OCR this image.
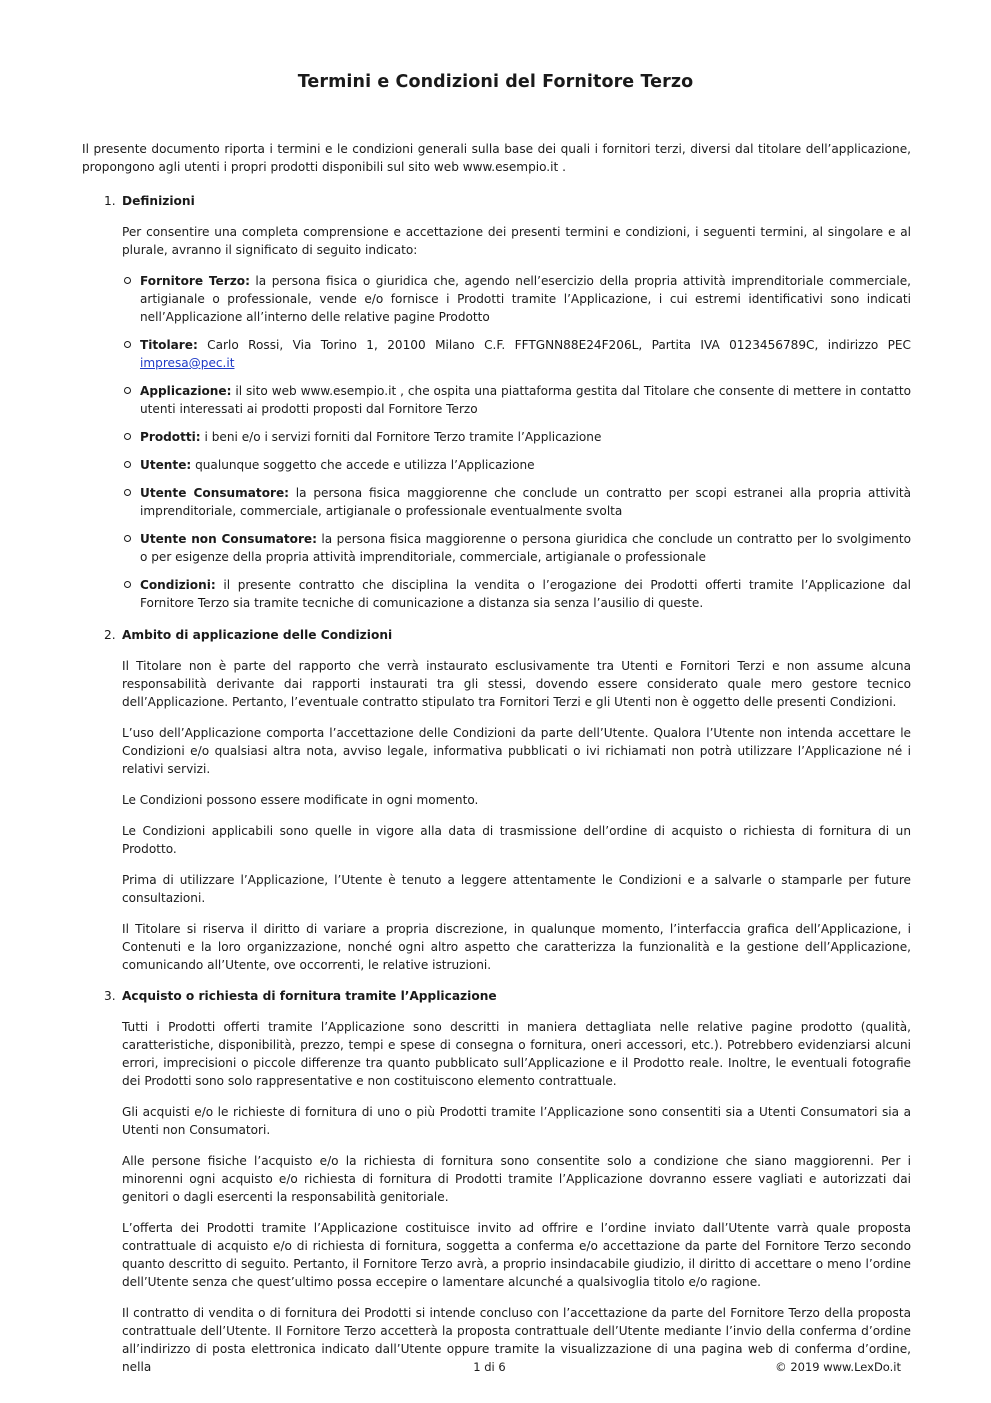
Termini e Condizioni del Fornitore Terzo

Il presente documento riporta i termini e le condizioni generali sulla base dei quali i fornitori terzi, diversi dal titolare dell’applicazione, propongono agli utenti i propri prodotti disponibili sul sito web www.esempio.it .

1. Definizioni

Per consentire una completa comprensione e accettazione dei presenti termini e condizioni, i seguenti termini, al singolare e al plurale, avranno il significato di seguito indicato:

Fornitore Terzo: la persona fisica o giuridica che, agendo nell’esercizio della propria attività imprenditoriale commerciale, artigianale o professionale, vende e/o fornisce i Prodotti tramite l’Applicazione, i cui estremi identificativi sono indicati nell’Applicazione all’interno delle relative pagine Prodotto
Titolare: Carlo Rossi, Via Torino 1, 20100 Milano C.F. FFTGNN88E24F206L, Partita IVA 0123456789C, indirizzo PEC impresa@pec.it
Applicazione: il sito web www.esempio.it , che ospita una piattaforma gestita dal Titolare che consente di mettere in contatto utenti interessati ai prodotti proposti dal Fornitore Terzo
Prodotti: i beni e/o i servizi forniti dal Fornitore Terzo tramite l’Applicazione
Utente: qualunque soggetto che accede e utilizza l’Applicazione
Utente Consumatore: la persona fisica maggiorenne che conclude un contratto per scopi estranei alla propria attività imprenditoriale, commerciale, artigianale o professionale eventualmente svolta
Utente non Consumatore: la persona fisica maggiorenne o persona giuridica che conclude un contratto per lo svolgimento o per esigenze della propria attività imprenditoriale, commerciale, artigianale o professionale
Condizioni: il presente contratto che disciplina la vendita o l’erogazione dei Prodotti offerti tramite l’Applicazione dal Fornitore Terzo sia tramite tecniche di comunicazione a distanza sia senza l’ausilio di queste.
2. Ambito di applicazione delle Condizioni

Il Titolare non è parte del rapporto che verrà instaurato esclusivamente tra Utenti e Fornitori Terzi e non assume alcuna responsabilità derivante dai rapporti instaurati tra gli stessi, dovendo essere considerato quale mero gestore tecnico dell’Applicazione. Pertanto, l’eventuale contratto stipulato tra Fornitori Terzi e gli Utenti non è oggetto delle presenti Condizioni.

L’uso dell’Applicazione comporta l’accettazione delle Condizioni da parte dell’Utente. Qualora l’Utente non intenda accettare le Condizioni e/o qualsiasi altra nota, avviso legale, informativa pubblicati o ivi richiamati non potrà utilizzare l’Applicazione né i relativi servizi.

Le Condizioni possono essere modificate in ogni momento.

Le Condizioni applicabili sono quelle in vigore alla data di trasmissione dell’ordine di acquisto o richiesta di fornitura di un Prodotto.

Prima di utilizzare l’Applicazione, l’Utente è tenuto a leggere attentamente le Condizioni e a salvarle o stamparle per future consultazioni.

Il Titolare si riserva il diritto di variare a propria discrezione, in qualunque momento, l’interfaccia grafica dell’Applicazione, i Contenuti e la loro organizzazione, nonché ogni altro aspetto che caratterizza la funzionalità e la gestione dell’Applicazione, comunicando all’Utente, ove occorrenti, le relative istruzioni.

3. Acquisto o richiesta di fornitura tramite l’Applicazione

Tutti i Prodotti offerti tramite l’Applicazione sono descritti in maniera dettagliata nelle relative pagine prodotto (qualità, caratteristiche, disponibilità, prezzo, tempi e spese di consegna o fornitura, oneri accessori, etc.). Potrebbero evidenziarsi alcuni errori, imprecisioni o piccole differenze tra quanto pubblicato sull’Applicazione e il Prodotto reale. Inoltre, le eventuali fotografie dei Prodotti sono solo rappresentative e non costituiscono elemento contrattuale.

Gli acquisti e/o le richieste di fornitura di uno o più Prodotti tramite l’Applicazione sono consentiti sia a Utenti Consumatori sia a Utenti non Consumatori.

Alle persone fisiche l’acquisto e/o la richiesta di fornitura sono consentite solo a condizione che siano maggiorenni. Per i minorenni ogni acquisto e/o richiesta di fornitura di Prodotti tramite l’Applicazione dovranno essere vagliati e autorizzati dai genitori o dagli esercenti la responsabilità genitoriale.

L’offerta dei Prodotti tramite l’Applicazione costituisce invito ad offrire e l’ordine inviato dall’Utente varrà quale proposta contrattuale di acquisto e/o di richiesta di fornitura, soggetta a conferma e/o accettazione da parte del Fornitore Terzo secondo quanto descritto di seguito. Pertanto, il Fornitore Terzo avrà, a proprio insindacabile giudizio, il diritto di accettare o meno l’ordine dell’Utente senza che quest’ultimo possa eccepire o lamentare alcunché a qualsivoglia titolo e/o ragione.

Il contratto di vendita o di fornitura dei Prodotti si intende concluso con l’accettazione da parte del Fornitore Terzo della proposta contrattuale dell’Utente. Il Fornitore Terzo accetterà la proposta contrattuale dell’Utente mediante l’invio della conferma d’ordine all’indirizzo di posta elettronica indicato dall’Utente oppure tramite la visualizzazione di una pagina web di conferma d’ordine, nella	1 di 6	© 2019 www.LexDo.it
